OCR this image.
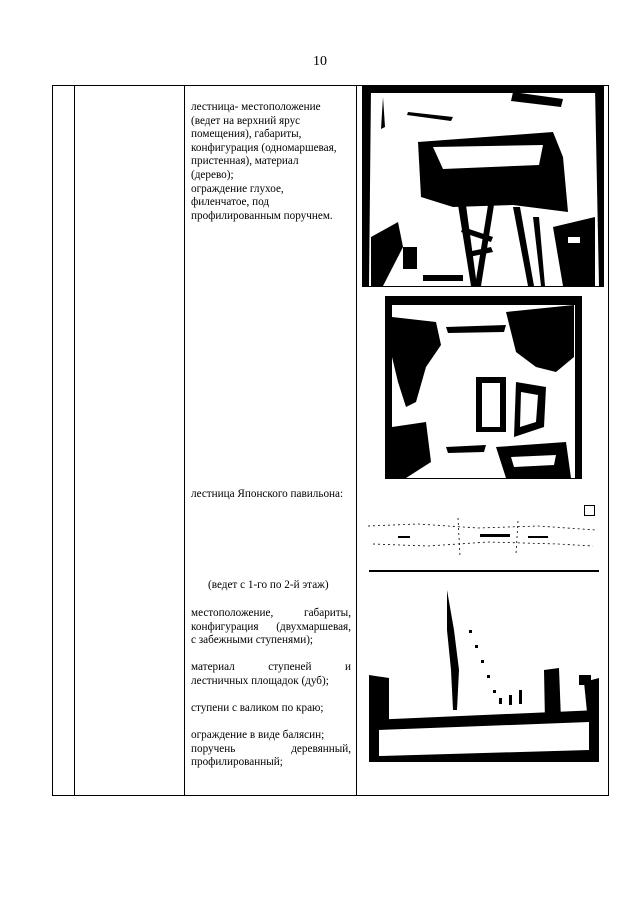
10
лестница- местоположение
(ведет на верхний ярус
помещения), габариты,
конфигурация (одномаршевая,
пристенная), материал
(дерево);
ограждение глухое,
филенчатое, под
профилированным поручнем.
лестница Японского павильона:
(ведет с 1-го по 2-й этаж)
местоположение, габариты,
конфигурация (двухмаршевая,
с забежными ступенями);
материал ступеней и
лестничных площадок (дуб);
ступени с валиком по краю;
ограждение в виде балясин;
поручень деревянный,
профилированный;
